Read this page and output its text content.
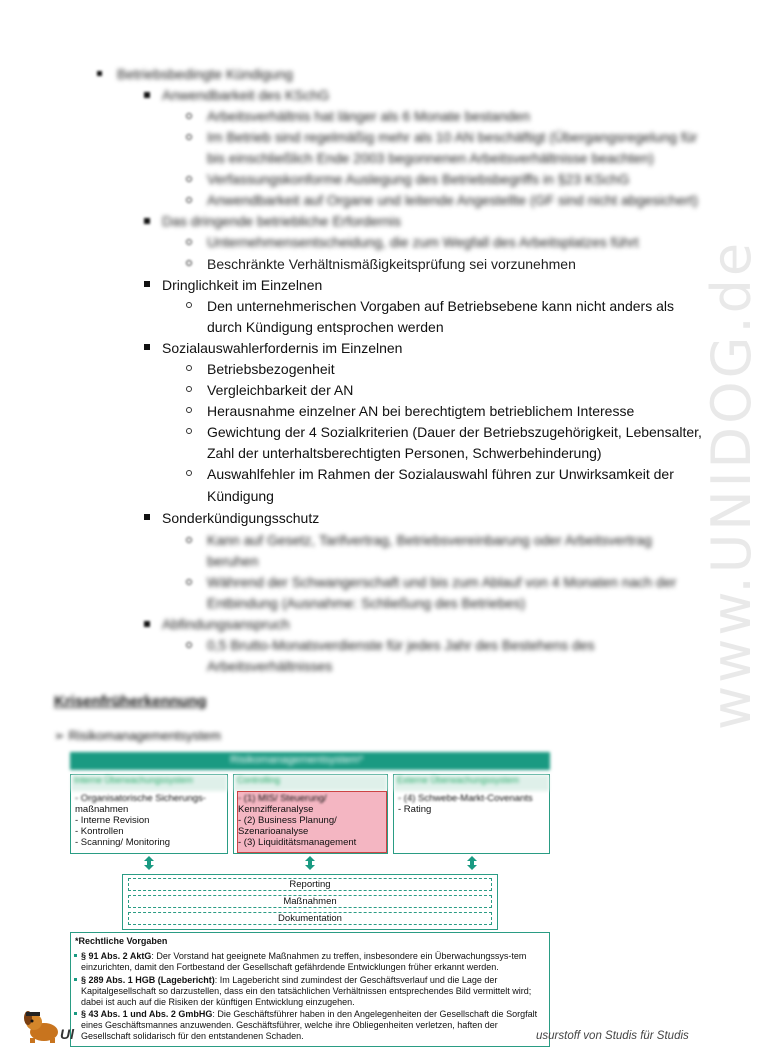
www.UNIDOG.de
Betriebsbedingte Kündigung
Anwendbarkeit des KSchG
Arbeitsverhältnis hat länger als 6 Monate bestanden
Im Betrieb sind regelmäßig mehr als 10 AN beschäftigt (Übergangsregelung für
bis einschließlich Ende 2003 begonnenen Arbeitsverhältnisse beachten)
Verfassungskonforme Auslegung des Betriebsbegriffs in §23 KSchG
Anwendbarkeit auf Organe und leitende Angestellte (GF sind nicht abgesichert)
Das dringende betriebliche Erfordernis
Unternehmensentscheidung, die zum Wegfall des Arbeitsplatzes führt
Beschränkte Verhältnismäßigkeitsprüfung sei vorzunehmen
Dringlichkeit im Einzelnen
Den unternehmerischen Vorgaben auf Betriebsebene kann nicht anders als
durch Kündigung entsprochen werden
Sozialauswahlerfordernis im Einzelnen
Betriebsbezogenheit
Vergleichbarkeit der AN
Herausnahme einzelner AN bei berechtigtem betrieblichem Interesse
Gewichtung der 4 Sozialkriterien (Dauer der Betriebszugehörigkeit, Lebensalter,
Zahl der unterhaltsberechtigten Personen, Schwerbehinderung)
Auswahlfehler im Rahmen der Sozialauswahl führen zur Unwirksamkeit der
Kündigung
Sonderkündigungsschutz
Kann auf Gesetz, Tarifvertrag, Betriebsvereinbarung oder Arbeitsvertrag
beruhen
Während der Schwangerschaft und bis zum Ablauf von 4 Monaten nach der
Entbindung (Ausnahme: Schließung des Betriebes)
Abfindungsanspruch
0,5 Brutto-Monatsverdienste für jedes Jahr des Bestehens des
Arbeitsverhältnisses
Krisenfrüherkennung
➢ Risikomanagementsystem
Risikomanagementsystem*
Interne Überwachungssystem
- Organisatorische Sicherungs-
maßnahmen
- Interne Revision
- Kontrollen
- Scanning/ Monitoring
Controlling
- (1) MIS/ Steuerung/
Kennzifferanalyse
- (2) Business Planung/
Szenarioanalyse
- (3) Liquiditätsmanagement
Externe Überwachungssystem
- (4) Schwebe-Markt-Covenants
- Rating
Reporting
Maßnahmen
Dokumentation
*Rechtliche Vorgaben
§ 91 Abs. 2 AktG: Der Vorstand hat geeignete Maßnahmen zu treffen, insbesondere ein Überwachungssys-tem einzurichten, damit den Fortbestand der Gesellschaft gefährdende Entwicklungen früher erkannt werden.
§ 289 Abs. 1 HGB (Lagebericht): Im Lagebericht sind zumindest der Geschäftsverlauf und die Lage der Kapitalgesellschaft so darzustellen, dass ein den tatsächlichen Verhältnissen entsprechendes Bild vermittelt wird; dabei ist auch auf die Risiken der künftigen Entwicklung einzugehen.
§ 43 Abs. 1 und Abs. 2 GmbHG: Die Geschäftsführer haben in den Angelegenheiten der Gesellschaft die Sorgfalt eines Geschäftsmannes anzuwenden. Geschäftsführer, welche ihre Obliegenheiten verletzen, haften der Gesellschaft solidarisch für den entstandenen Schaden.
Ul	usurstoff von Studis für Studis
